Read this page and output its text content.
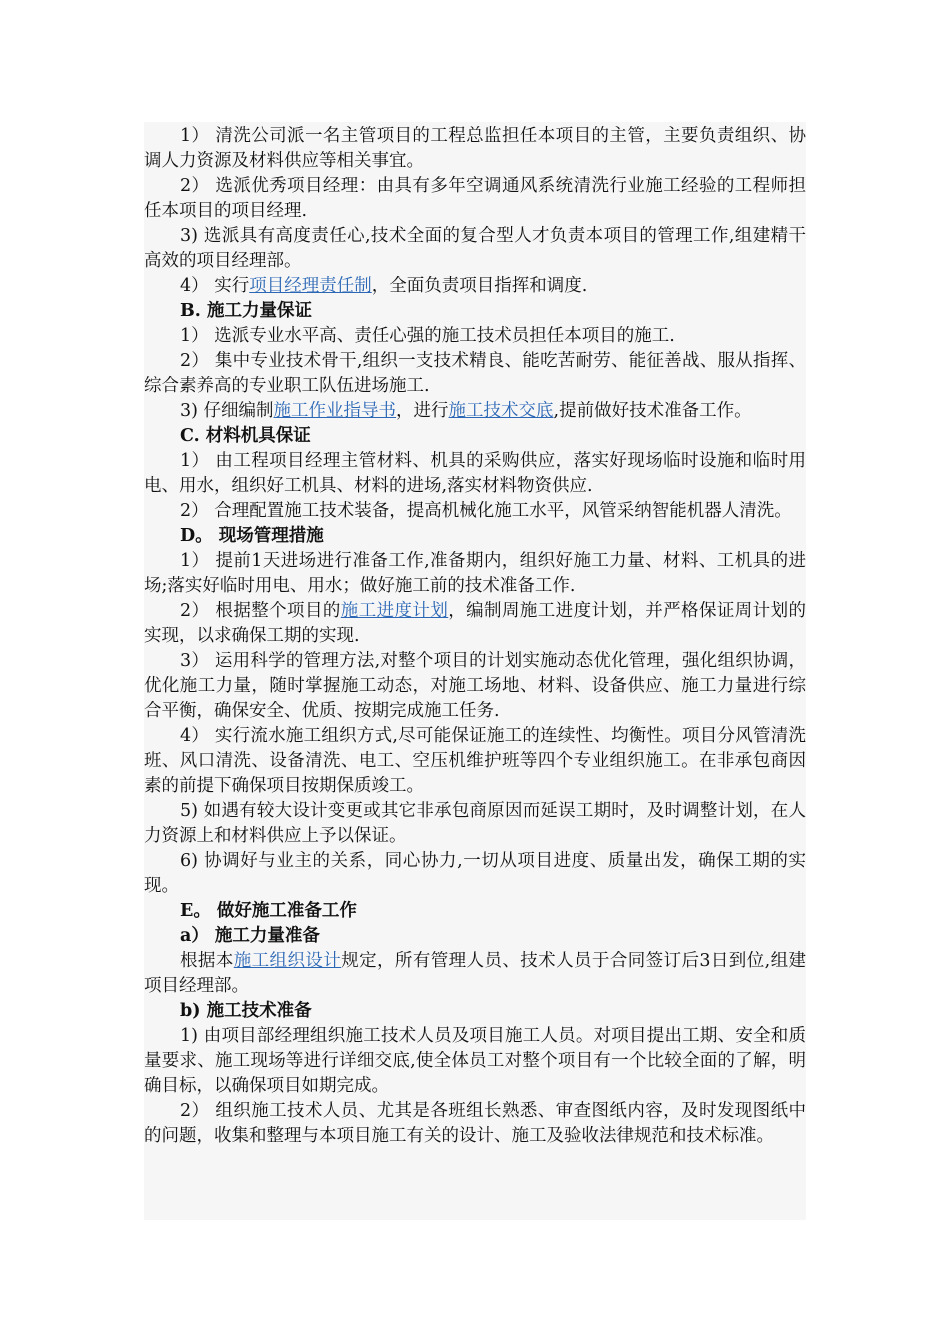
1） 清洗公司派一名主管项目的工程总监担任本项目的主管，主要负责组织、协调人力资源及材料供应等相关事宜。

2） 选派优秀项目经理：由具有多年空调通风系统清洗行业施工经验的工程师担任本项目的项目经理.

3) 选派具有高度责任心,技术全面的复合型人才负责本项目的管理工作,组建精干高效的项目经理部。

4） 实行项目经理责任制，全面负责项目指挥和调度.

B. 施工力量保证

1） 选派专业水平高、责任心强的施工技术员担任本项目的施工.

2） 集中专业技术骨干,组织一支技术精良、能吃苦耐劳、能征善战、服从指挥、综合素养高的专业职工队伍进场施工.

3) 仔细编制施工作业指导书，进行施工技术交底,提前做好技术准备工作。

C. 材料机具保证

1） 由工程项目经理主管材料、机具的采购供应，落实好现场临时设施和临时用电、用水，组织好工机具、材料的进场,落实材料物资供应.

2） 合理配置施工技术装备，提高机械化施工水平，风管采纳智能机器人清洗。

D。 现场管理措施

1） 提前1天进场进行准备工作,准备期内，组织好施工力量、材料、工机具的进场;落实好临时用电、用水；做好施工前的技术准备工作.

2） 根据整个项目的施工进度计划，编制周施工进度计划，并严格保证周计划的实现，以求确保工期的实现.

3） 运用科学的管理方法,对整个项目的计划实施动态优化管理，强化组织协调， 优化施工力量，随时掌握施工动态，对施工场地、材料、设备供应、施工力量进行综合平衡，确保安全、优质、按期完成施工任务.

4） 实行流水施工组织方式,尽可能保证施工的连续性、均衡性。项目分风管清洗班、风口清洗、设备清洗、电工、空压机维护班等四个专业组织施工。在非承包商因素的前提下确保项目按期保质竣工。

5) 如遇有较大设计变更或其它非承包商原因而延误工期时，及时调整计划，在人力资源上和材料供应上予以保证。

6) 协调好与业主的关系，同心协力,一切从项目进度、质量出发，确保工期的实现。

E。 做好施工准备工作

a） 施工力量准备

根据本施工组织设计规定，所有管理人员、技术人员于合同签订后3日到位,组建项目经理部。

b) 施工技术准备

1) 由项目部经理组织施工技术人员及项目施工人员。对项目提出工期、安全和质量要求、施工现场等进行详细交底,使全体员工对整个项目有一个比较全面的了解，明确目标，以确保项目如期完成。

2） 组织施工技术人员、尤其是各班组长熟悉、审查图纸内容，及时发现图纸中的问题，收集和整理与本项目施工有关的设计、施工及验收法律规范和技术标准。
